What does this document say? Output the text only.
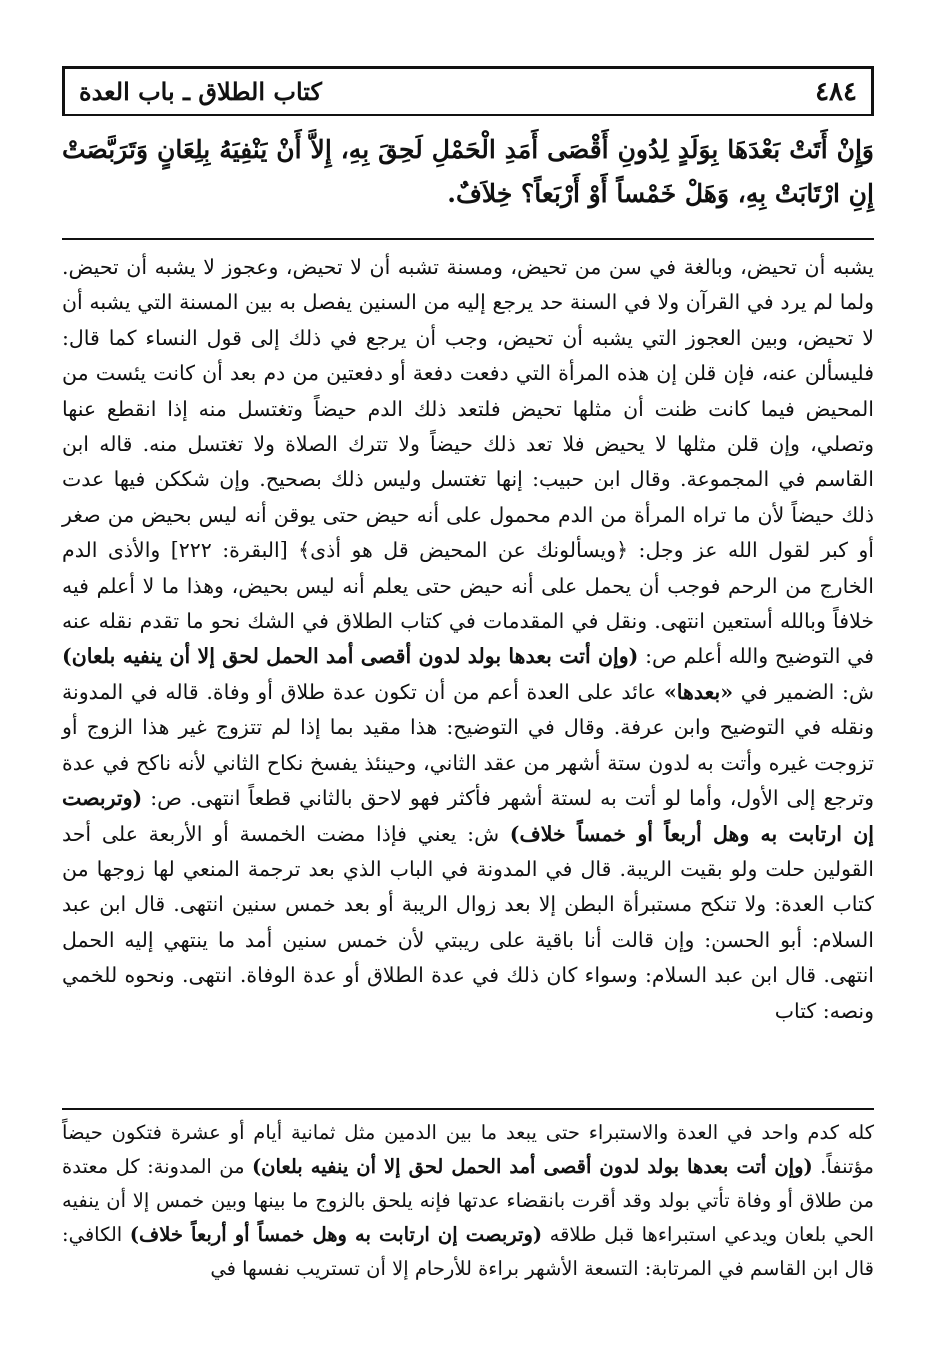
٤٨٤
كتاب الطلاق ـ باب العدة
وَإِنْ أَتَتْ بَعْدَهَا بِوَلَدٍ لِدُونِ أَقْصَى أَمَدِ الْحَمْلِ لَحِقَ بِهِ، إِلاَّ أَنْ يَنْفِيَهُ بِلِعَانٍ وَتَرَبَّصَتْ إِنِ ارْتَابَتْ بِهِ، وَهَلْ خَمْساً أَوْ أَرْبَعاً؟ خِلاَفٌ.

يشبه أن تحيض، وبالغة في سن من تحيض، ومسنة تشبه أن لا تحيض، وعجوز لا يشبه أن تحيض. ولما لم يرد في القرآن ولا في السنة حد يرجع إليه من السنين يفصل به بين المسنة التي يشبه أن لا تحيض، وبين العجوز التي يشبه أن تحيض، وجب أن يرجع في ذلك إلى قول النساء كما قال: فليسألن عنه، فإن قلن إن هذه المرأة التي دفعت دفعة أو دفعتين من دم بعد أن كانت يئست من المحيض فيما كانت ظنت أن مثلها تحيض فلتعد ذلك الدم حيضاً وتغتسل منه إذا انقطع عنها وتصلي، وإن قلن مثلها لا يحيض فلا تعد ذلك حيضاً ولا تترك الصلاة ولا تغتسل منه. قاله ابن القاسم في المجموعة. وقال ابن حبيب: إنها تغتسل وليس ذلك بصحيح. وإن شككن فيها عدت ذلك حيضاً لأن ما تراه المرأة من الدم محمول على أنه حيض حتى يوقن أنه ليس بحيض من صغر أو كبر لقول الله عز وجل: ﴿ويسألونك عن المحيض قل هو أذى﴾ [البقرة: ٢٢٢] والأذى الدم الخارج من الرحم فوجب أن يحمل على أنه حيض حتى يعلم أنه ليس بحيض، وهذا ما لا أعلم فيه خلافاً وبالله أستعين انتهى. ونقل في المقدمات في كتاب الطلاق في الشك نحو ما تقدم نقله عنه في التوضيح والله أعلم ص: (وإن أتت بعدها بولد لدون أقصى أمد الحمل لحق إلا أن ينفيه بلعان) ش: الضمير في «بعدها» عائد على العدة أعم من أن تكون عدة طلاق أو وفاة. قاله في المدونة ونقله في التوضيح وابن عرفة. وقال في التوضيح: هذا مقيد بما إذا لم تتزوج غير هذا الزوج أو تزوجت غيره وأتت به لدون ستة أشهر من عقد الثاني، وحينئذ يفسخ نكاح الثاني لأنه ناكح في عدة وترجع إلى الأول، وأما لو أتت به لستة أشهر فأكثر فهو لاحق بالثاني قطعاً انتهى. ص: (وتربصت إن ارتابت به وهل أربعاً أو خمساً خلاف) ش: يعني فإذا مضت الخمسة أو الأربعة على أحد القولين حلت ولو بقيت الريبة. قال في المدونة في الباب الذي بعد ترجمة المنعي لها زوجها من كتاب العدة: ولا تنكح مستبرأة البطن إلا بعد زوال الريبة أو بعد خمس سنين انتهى. قال ابن عبد السلام: أبو الحسن: وإن قالت أنا باقية على ريبتي لأن خمس سنين أمد ما ينتهي إليه الحمل انتهى. قال ابن عبد السلام: وسواء كان ذلك في عدة الطلاق أو عدة الوفاة. انتهى. ونحوه للخمي ونصه: كتاب

كله كدم واحد في العدة والاستبراء حتى يبعد ما بين الدمين مثل ثمانية أيام أو عشرة فتكون حيضاً مؤتنفاً. (وإن أتت بعدها بولد لدون أقصى أمد الحمل لحق إلا أن ينفيه بلعان) من المدونة: كل معتدة من طلاق أو وفاة تأتي بولد وقد أقرت بانقضاء عدتها فإنه يلحق بالزوج ما بينها وبين خمس إلا أن ينفيه الحي بلعان ويدعي استبراءها قبل طلاقه (وتربصت إن ارتابت به وهل خمساً أو أربعاً خلاف) الكافي: قال ابن القاسم في المرتابة: التسعة الأشهر براءة للأرحام إلا أن تستريب نفسها في
